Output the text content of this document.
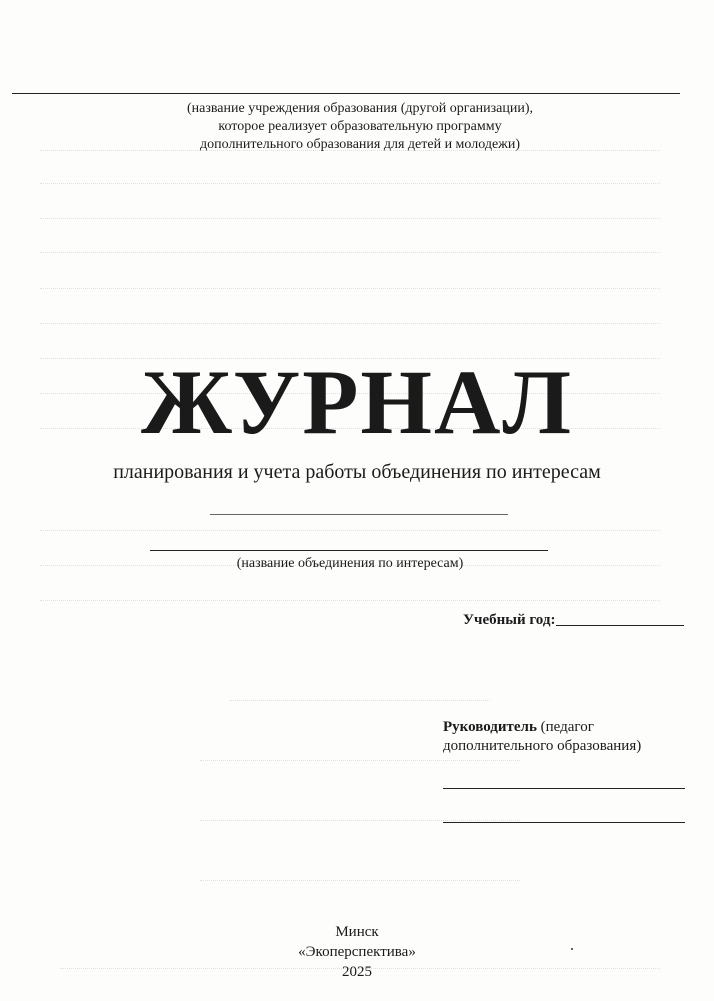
(название учреждения образования (другой организации),
которое реализует образовательную программу
дополнительного образования для детей и молодежи)
ЖУРНАЛ
планирования и учета работы объединения по интересам
(название объединения по интересам)
Учебный год:
Руководитель (педагог
дополнительного образования)
Минск
«Экоперспектива»
2025
